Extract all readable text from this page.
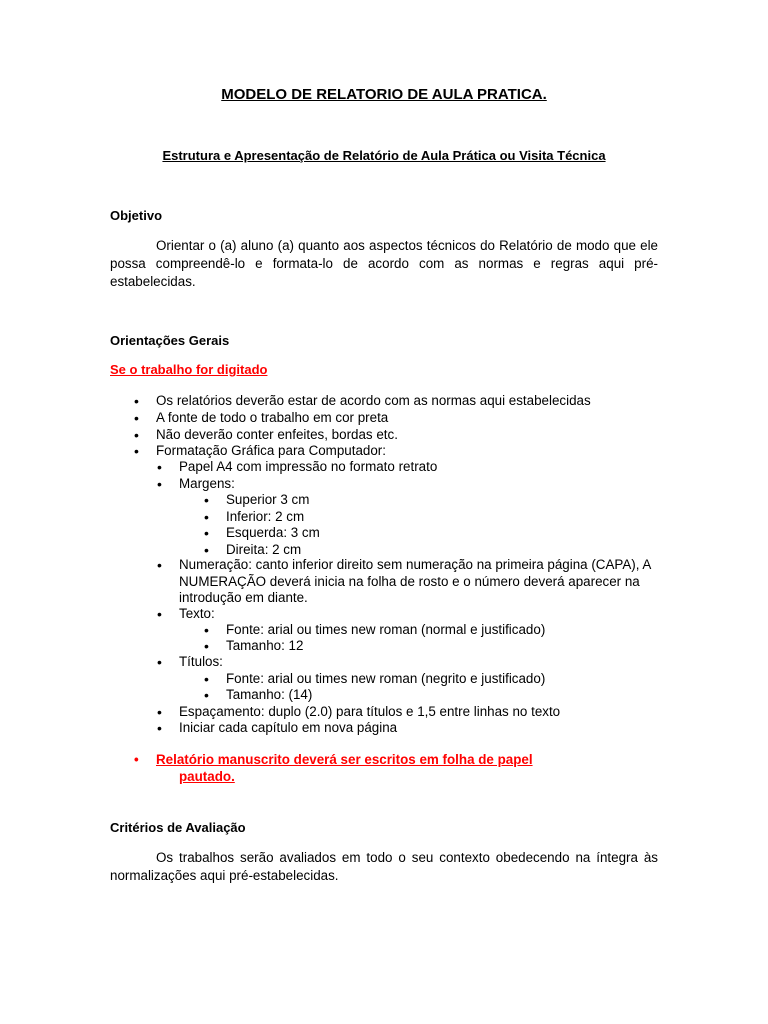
MODELO DE RELATORIO DE AULA PRATICA.
Estrutura e Apresentação de Relatório de Aula Prática ou Visita Técnica
Objetivo
Orientar o (a) aluno (a) quanto aos aspectos técnicos do Relatório de modo que ele possa compreendê-lo e formata-lo de acordo com as normas e regras aqui pré-estabelecidas.
Orientações Gerais
Se o trabalho for digitado
• Os relatórios deverão estar de acordo com as normas aqui estabelecidas
• A fonte de todo o trabalho em cor preta
• Não deverão conter enfeites, bordas etc.
• Formatação Gráfica para Computador:
• Papel A4 com impressão no formato retrato
• Margens:
• Superior 3 cm
• Inferior: 2 cm
• Esquerda: 3 cm
• Direita: 2 cm
• Numeração: canto inferior direito sem numeração na primeira página (CAPA), A NUMERAÇÃO deverá inicia na folha de rosto e o número deverá aparecer na introdução em diante.
• Texto:
• Fonte: arial ou times new roman (normal e justificado)
• Tamanho: 12
• Títulos:
• Fonte: arial ou times new roman (negrito e justificado)
• Tamanho: (14)
• Espaçamento: duplo (2.0) para títulos e 1,5 entre linhas no texto
• Iniciar cada capítulo em nova página
• Relatório manuscrito deverá ser escritos em folha de papel
pautado.
Critérios de Avaliação
Os trabalhos serão avaliados em todo o seu contexto obedecendo na íntegra às normalizações aqui pré-estabelecidas.
